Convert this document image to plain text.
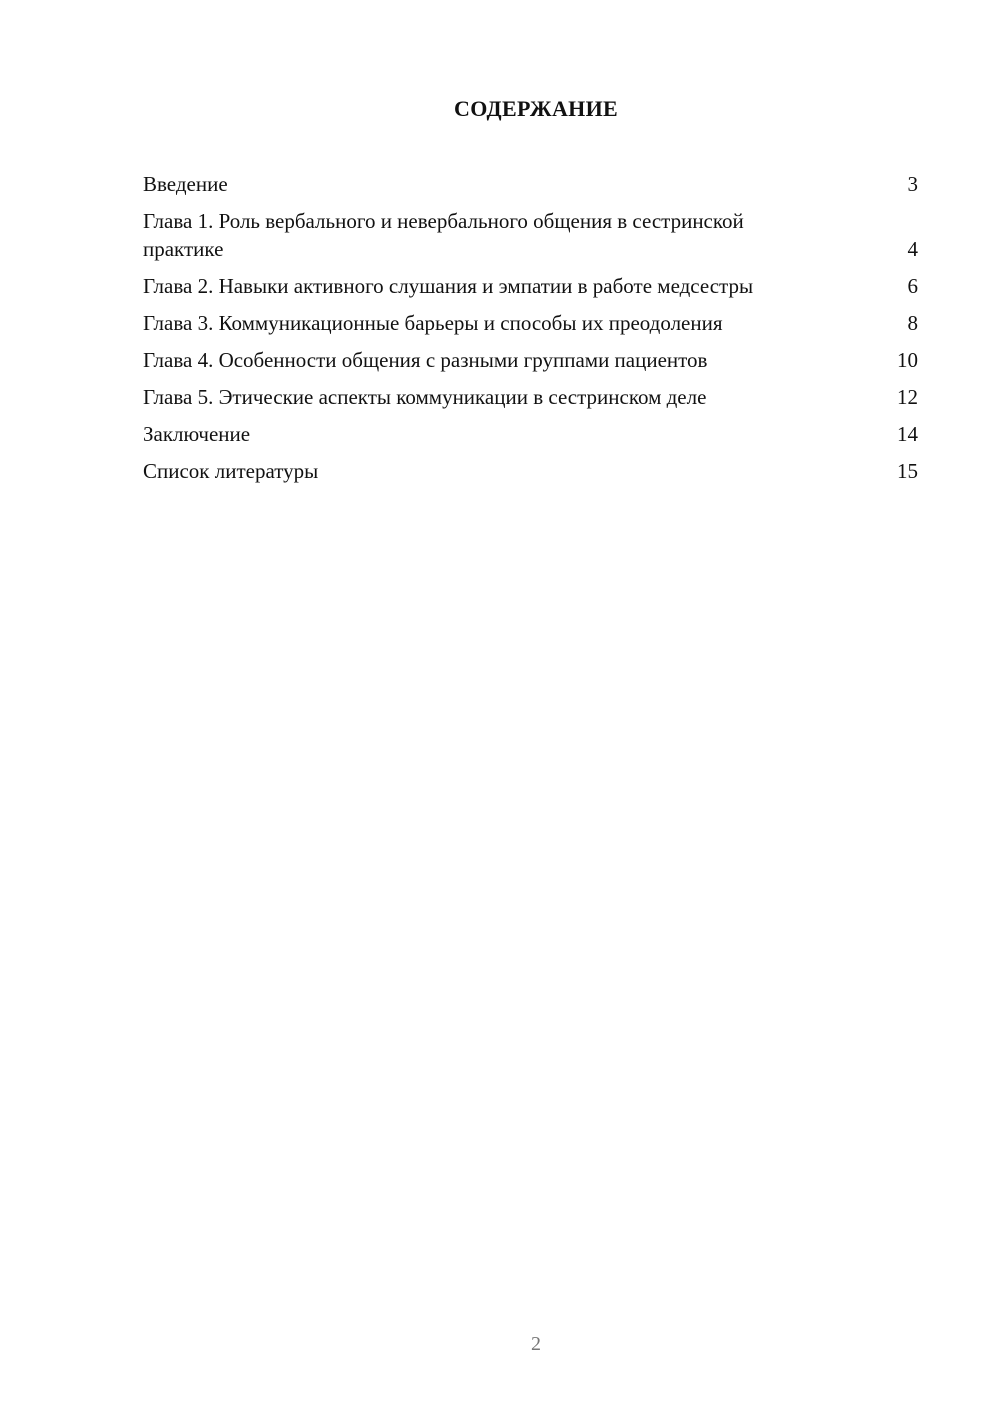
СОДЕРЖАНИЕ
Введение	3
Глава 1. Роль вербального и невербального общения в сестринской практике	4
Глава 2. Навыки активного слушания и эмпатии в работе медсестры	6
Глава 3. Коммуникационные барьеры и способы их преодоления	8
Глава 4. Особенности общения с разными группами пациентов	10
Глава 5. Этические аспекты коммуникации в сестринском деле	12
Заключение	14
Список литературы	15
2
